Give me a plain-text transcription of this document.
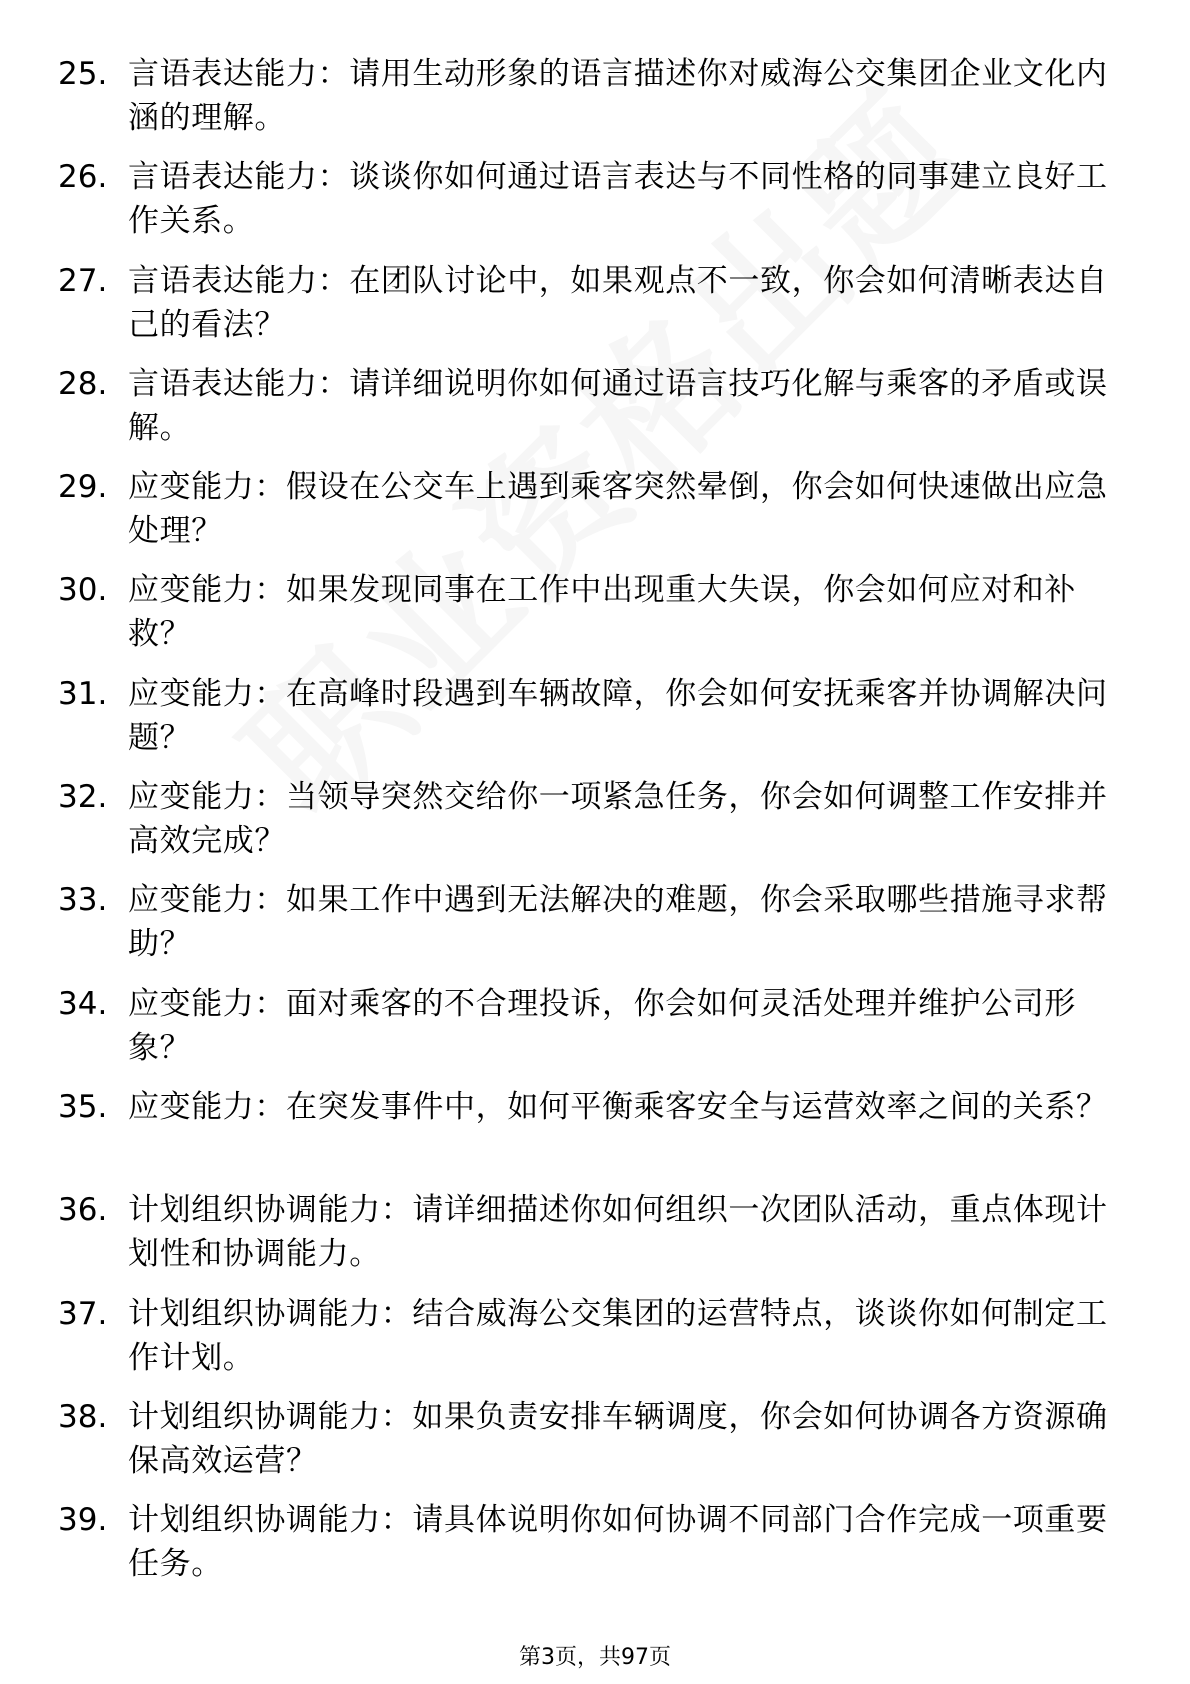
25. 言语表达能力：请用生动形象的语言描述你对威海公交集团企业文化内涵的理解。
26. 言语表达能力：谈谈你如何通过语言表达与不同性格的同事建立良好工作关系。
27. 言语表达能力：在团队讨论中，如果观点不一致，你会如何清晰表达自己的看法？
28. 言语表达能力：请详细说明你如何通过语言技巧化解与乘客的矛盾或误解。
29. 应变能力：假设在公交车上遇到乘客突然晕倒，你会如何快速做出应急处理？
30. 应变能力：如果发现同事在工作中出现重大失误，你会如何应对和补救？
31. 应变能力：在高峰时段遇到车辆故障，你会如何安抚乘客并协调解决问题？
32. 应变能力：当领导突然交给你一项紧急任务，你会如何调整工作安排并高效完成？
33. 应变能力：如果工作中遇到无法解决的难题，你会采取哪些措施寻求帮助？
34. 应变能力：面对乘客的不合理投诉，你会如何灵活处理并维护公司形象？
35. 应变能力：在突发事件中，如何平衡乘客安全与运营效率之间的关系？
36. 计划组织协调能力：请详细描述你如何组织一次团队活动，重点体现计划性和协调能力。
37. 计划组织协调能力：结合威海公交集团的运营特点，谈谈你如何制定工作计划。
38. 计划组织协调能力：如果负责安排车辆调度，你会如何协调各方资源确保高效运营？
39. 计划组织协调能力：请具体说明你如何协调不同部门合作完成一项重要任务。
第3页，共97页
